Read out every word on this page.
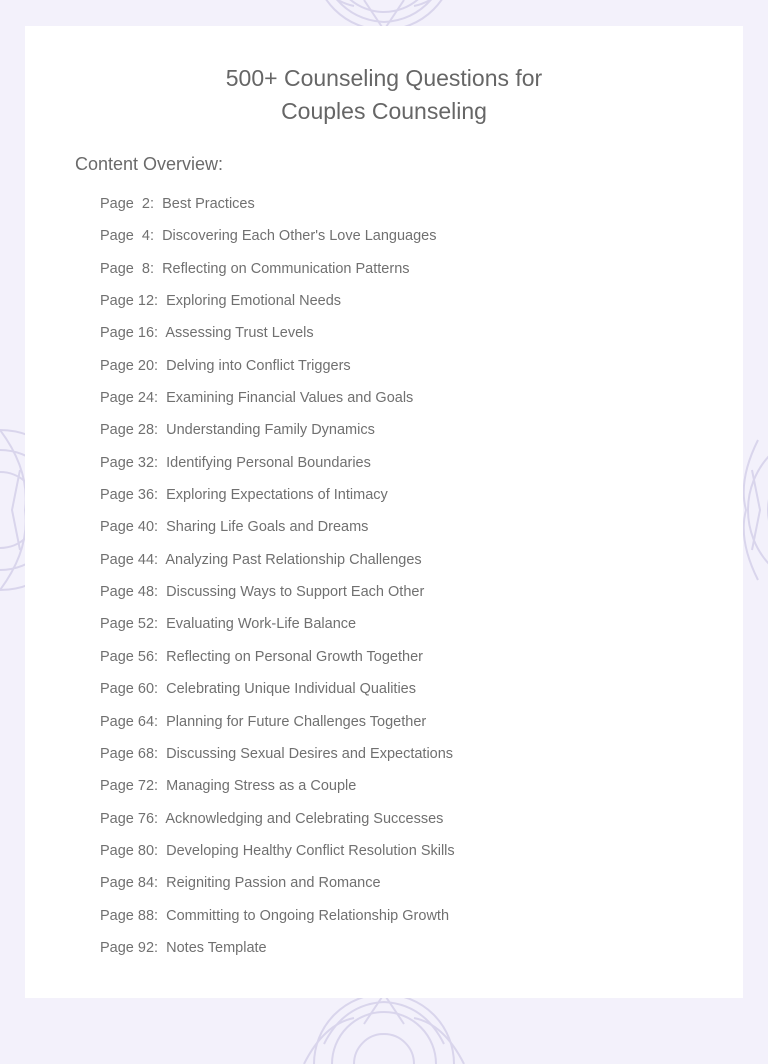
500+ Counseling Questions for
Couples Counseling
Content Overview:
Page  2: Best Practices
Page  4: Discovering Each Other's Love Languages
Page  8: Reflecting on Communication Patterns
Page 12: Exploring Emotional Needs
Page 16: Assessing Trust Levels
Page 20: Delving into Conflict Triggers
Page 24: Examining Financial Values and Goals
Page 28: Understanding Family Dynamics
Page 32: Identifying Personal Boundaries
Page 36: Exploring Expectations of Intimacy
Page 40: Sharing Life Goals and Dreams
Page 44: Analyzing Past Relationship Challenges
Page 48: Discussing Ways to Support Each Other
Page 52: Evaluating Work-Life Balance
Page 56: Reflecting on Personal Growth Together
Page 60: Celebrating Unique Individual Qualities
Page 64: Planning for Future Challenges Together
Page 68: Discussing Sexual Desires and Expectations
Page 72: Managing Stress as a Couple
Page 76: Acknowledging and Celebrating Successes
Page 80: Developing Healthy Conflict Resolution Skills
Page 84: Reigniting Passion and Romance
Page 88: Committing to Ongoing Relationship Growth
Page 92: Notes Template
